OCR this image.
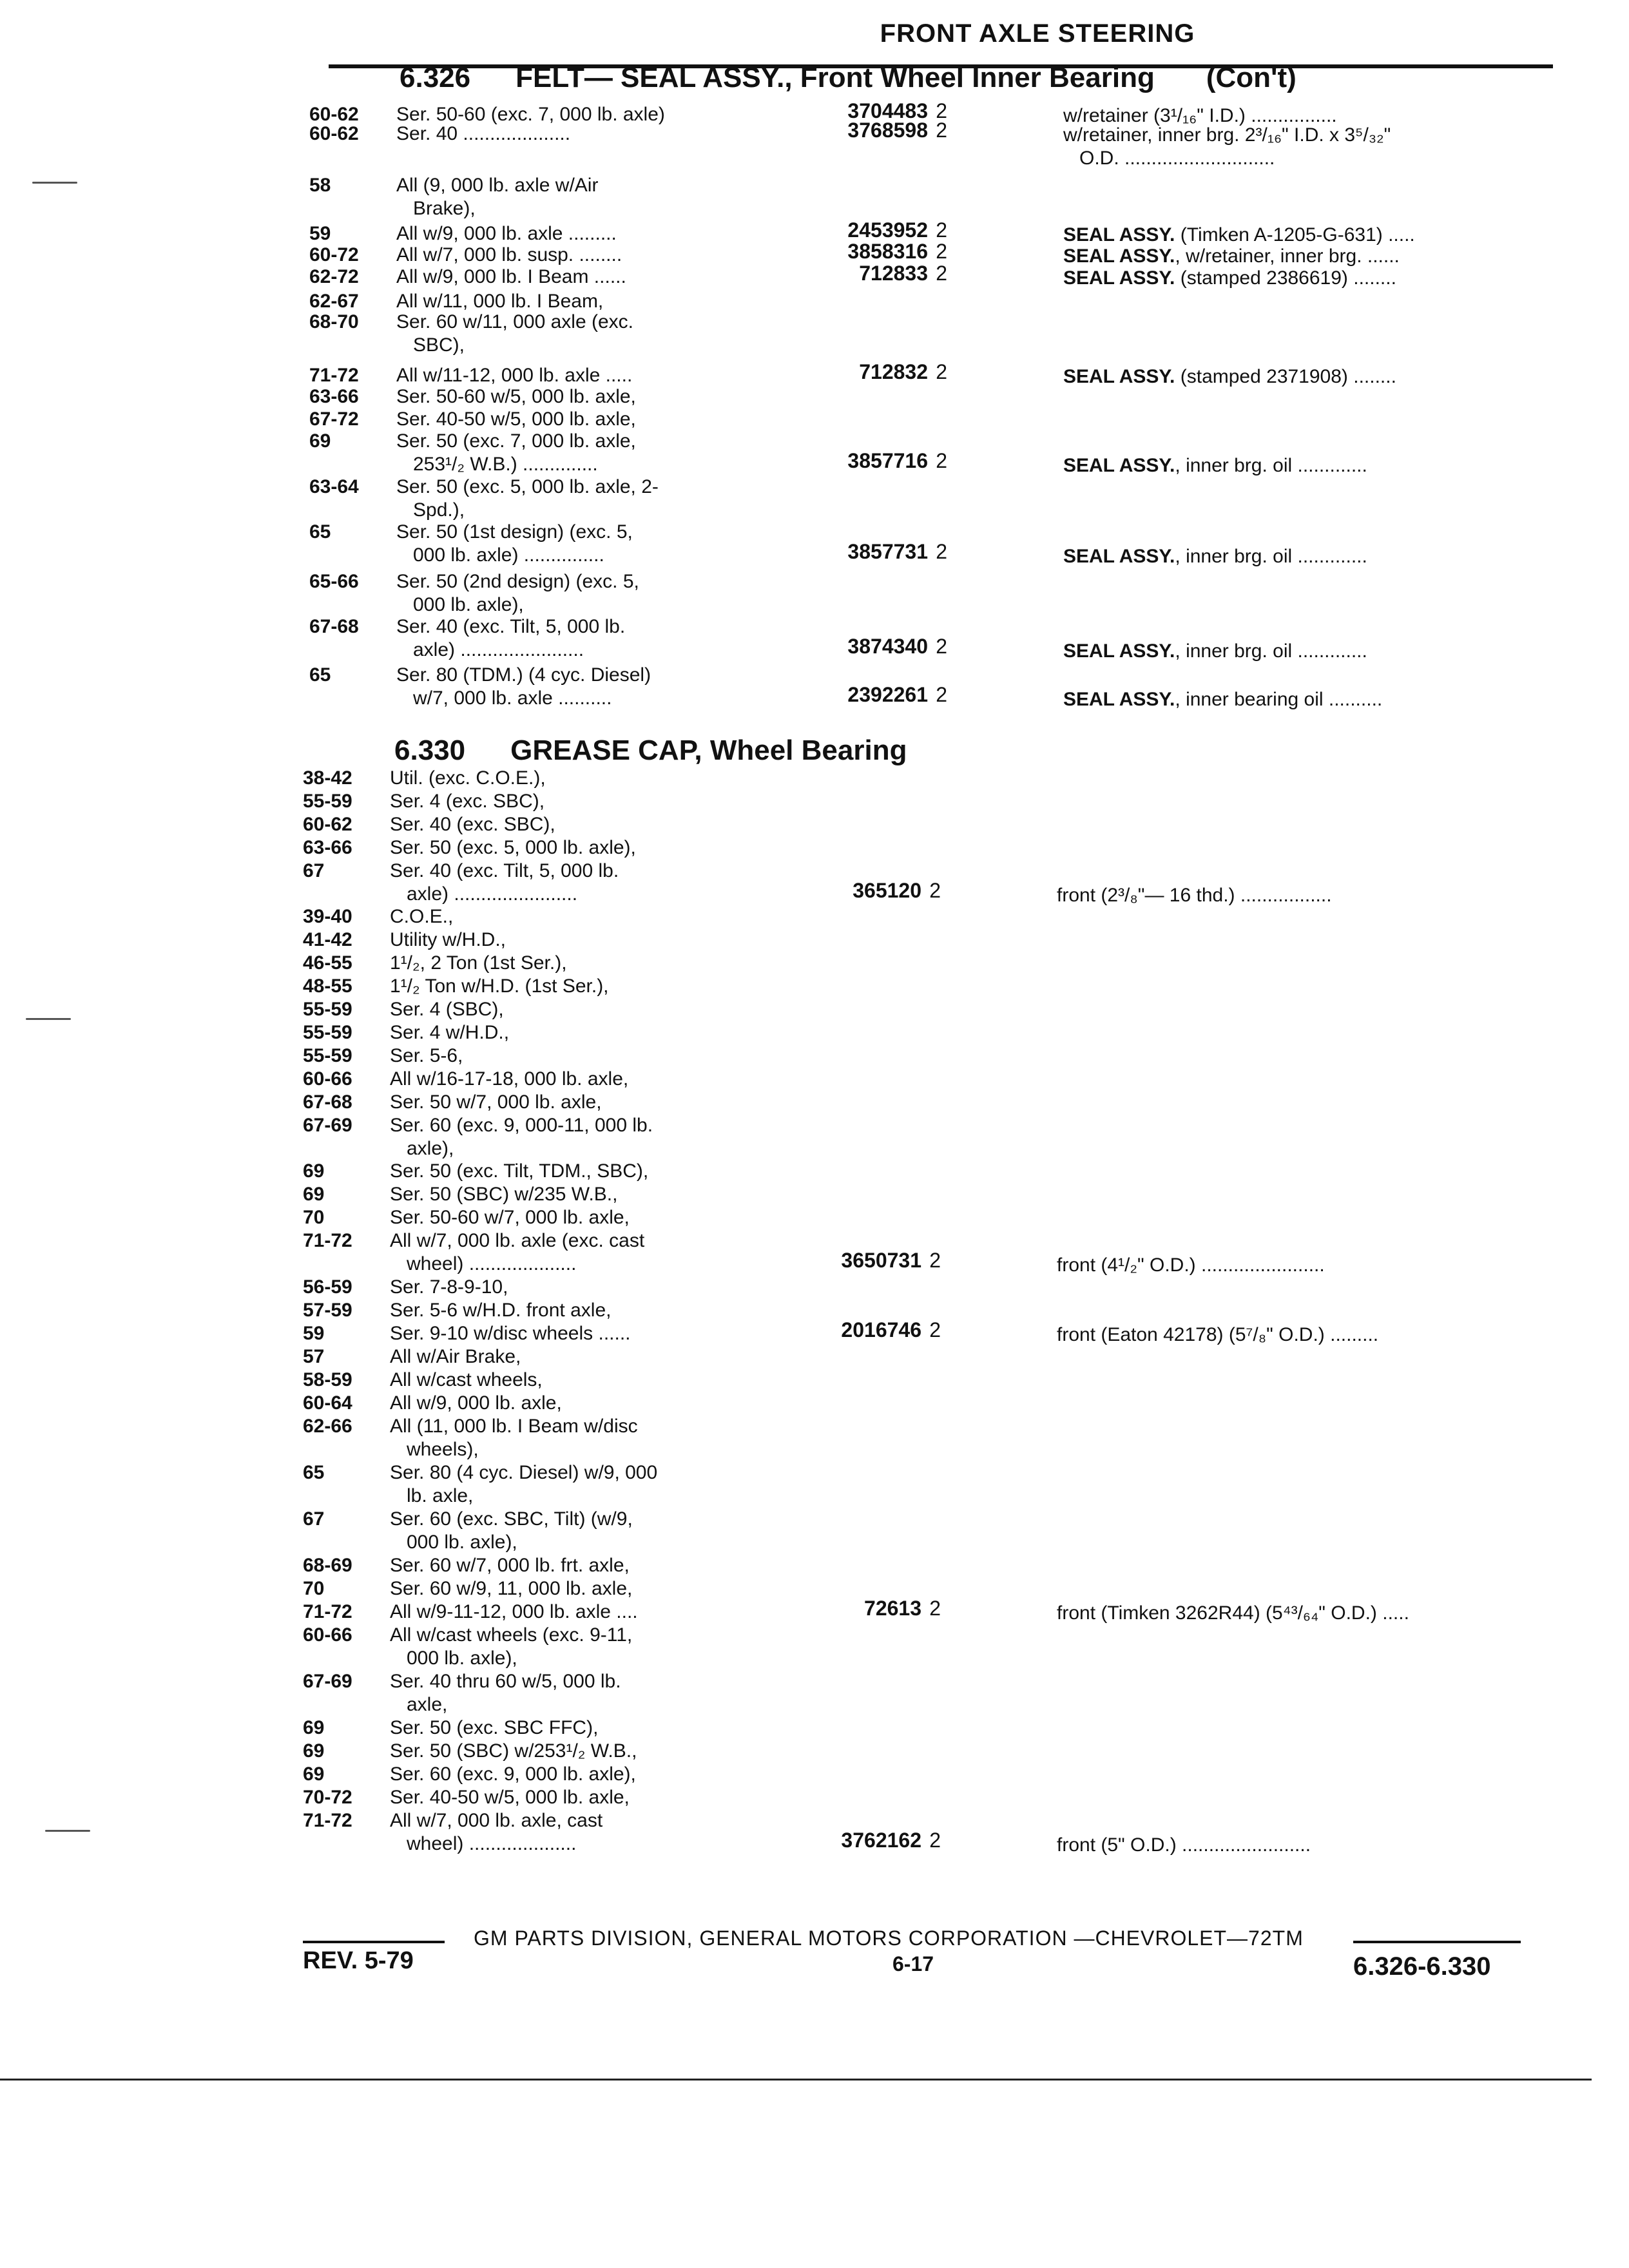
FRONT AXLE STEERING
6.326 FELT— SEAL ASSY., Front Wheel Inner Bearing (Con't)
6.330 GREASE CAP, Wheel Bearing
60-62 Ser. 50-60 (exc. 7, 000 lb. axle)	3704483 2	w/retainer (3¹/₁₆" I.D.) ................
60-62 Ser. 40 ....................	3768598 2	w/retainer, inner brg. 2³/₁₆" I.D. x 3⁵/₃₂"
O.D. ............................
58	All (9, 000 lb. axle w/Air
Brake),
59	All w/9, 000 lb. axle .........	2453952 2	SEAL ASSY. (Timken A-1205-G-631) .....
60-72 All w/7, 000 lb. susp. ........	3858316 2	SEAL ASSY., w/retainer, inner brg. ......
62-72 All w/9, 000 lb. I Beam ......	712833 2	SEAL ASSY. (stamped 2386619) ........
62-67 All w/11, 000 lb. I Beam,
68-70 Ser. 60 w/11, 000 axle (exc.
SBC),
71-72 All w/11-12, 000 lb. axle .....	712832 2	SEAL ASSY. (stamped 2371908) ........
63-66 Ser. 50-60 w/5, 000 lb. axle,
67-72 Ser. 40-50 w/5, 000 lb. axle,
69	Ser. 50 (exc. 7, 000 lb. axle,
253¹/₂ W.B.) ..............	3857716 2	SEAL ASSY., inner brg. oil .............
63-64 Ser. 50 (exc. 5, 000 lb. axle, 2-
Spd.),
65	Ser. 50 (1st design) (exc. 5,
000 lb. axle) ...............	3857731 2	SEAL ASSY., inner brg. oil .............
65-66 Ser. 50 (2nd design) (exc. 5,
000 lb. axle),
67-68 Ser. 40 (exc. Tilt, 5, 000 lb.
axle) .......................	3874340 2	SEAL ASSY., inner brg. oil .............
65	Ser. 80 (TDM.) (4 cyc. Diesel)
w/7, 000 lb. axle ..........	2392261 2	SEAL ASSY., inner bearing oil ..........
38-42 Util. (exc. C.O.E.),
55-59 Ser. 4 (exc. SBC),
60-62 Ser. 40 (exc. SBC),
63-66 Ser. 50 (exc. 5, 000 lb. axle),
67	Ser. 40 (exc. Tilt, 5, 000 lb.
axle) .......................	365120 2	front (2³/₈"— 16 thd.) .................
39-40 C.O.E.,
41-42 Utility w/H.D.,
46-55 1¹/₂, 2 Ton (1st Ser.),
48-55 1¹/₂ Ton w/H.D. (1st Ser.),
55-59 Ser. 4 (SBC),
55-59 Ser. 4 w/H.D.,
55-59 Ser. 5-6,
60-66 All w/16-17-18, 000 lb. axle,
67-68 Ser. 50 w/7, 000 lb. axle,
67-69 Ser. 60 (exc. 9, 000-11, 000 lb.
axle),
69	Ser. 50 (exc. Tilt, TDM., SBC),
69	Ser. 50 (SBC) w/235 W.B.,
70	Ser. 50-60 w/7, 000 lb. axle,
71-72 All w/7, 000 lb. axle (exc. cast
wheel) ....................	3650731 2	front (4¹/₂" O.D.) .......................
56-59 Ser. 7-8-9-10,
57-59 Ser. 5-6 w/H.D. front axle,
59	Ser. 9-10 w/disc wheels ......	2016746 2	front (Eaton 42178) (5⁷/₈" O.D.) .........
57	All w/Air Brake,
58-59 All w/cast wheels,
60-64 All w/9, 000 lb. axle,
62-66 All (11, 000 lb. I Beam w/disc
wheels),
65	Ser. 80 (4 cyc. Diesel) w/9, 000
lb. axle,
67	Ser. 60 (exc. SBC, Tilt) (w/9,
000 lb. axle),
68-69 Ser. 60 w/7, 000 lb. frt. axle,
70	Ser. 60 w/9, 11, 000 lb. axle,
71-72 All w/9-11-12, 000 lb. axle ....	72613 2	front (Timken 3262R44) (5⁴³/₆₄" O.D.) .....
60-66 All w/cast wheels (exc. 9-11,
000 lb. axle),
67-69 Ser. 40 thru 60 w/5, 000 lb.
axle,
69	Ser. 50 (exc. SBC FFC),
69	Ser. 50 (SBC) w/253¹/₂ W.B.,
69	Ser. 60 (exc. 9, 000 lb. axle),
70-72 Ser. 40-50 w/5, 000 lb. axle,
71-72 All w/7, 000 lb. axle, cast
wheel) ....................	3762162 2	front (5" O.D.) ........................
GM PARTS DIVISION, GENERAL MOTORS CORPORATION —CHEVROLET—72TM
REV. 5-79	6-17	6.326-6.330
